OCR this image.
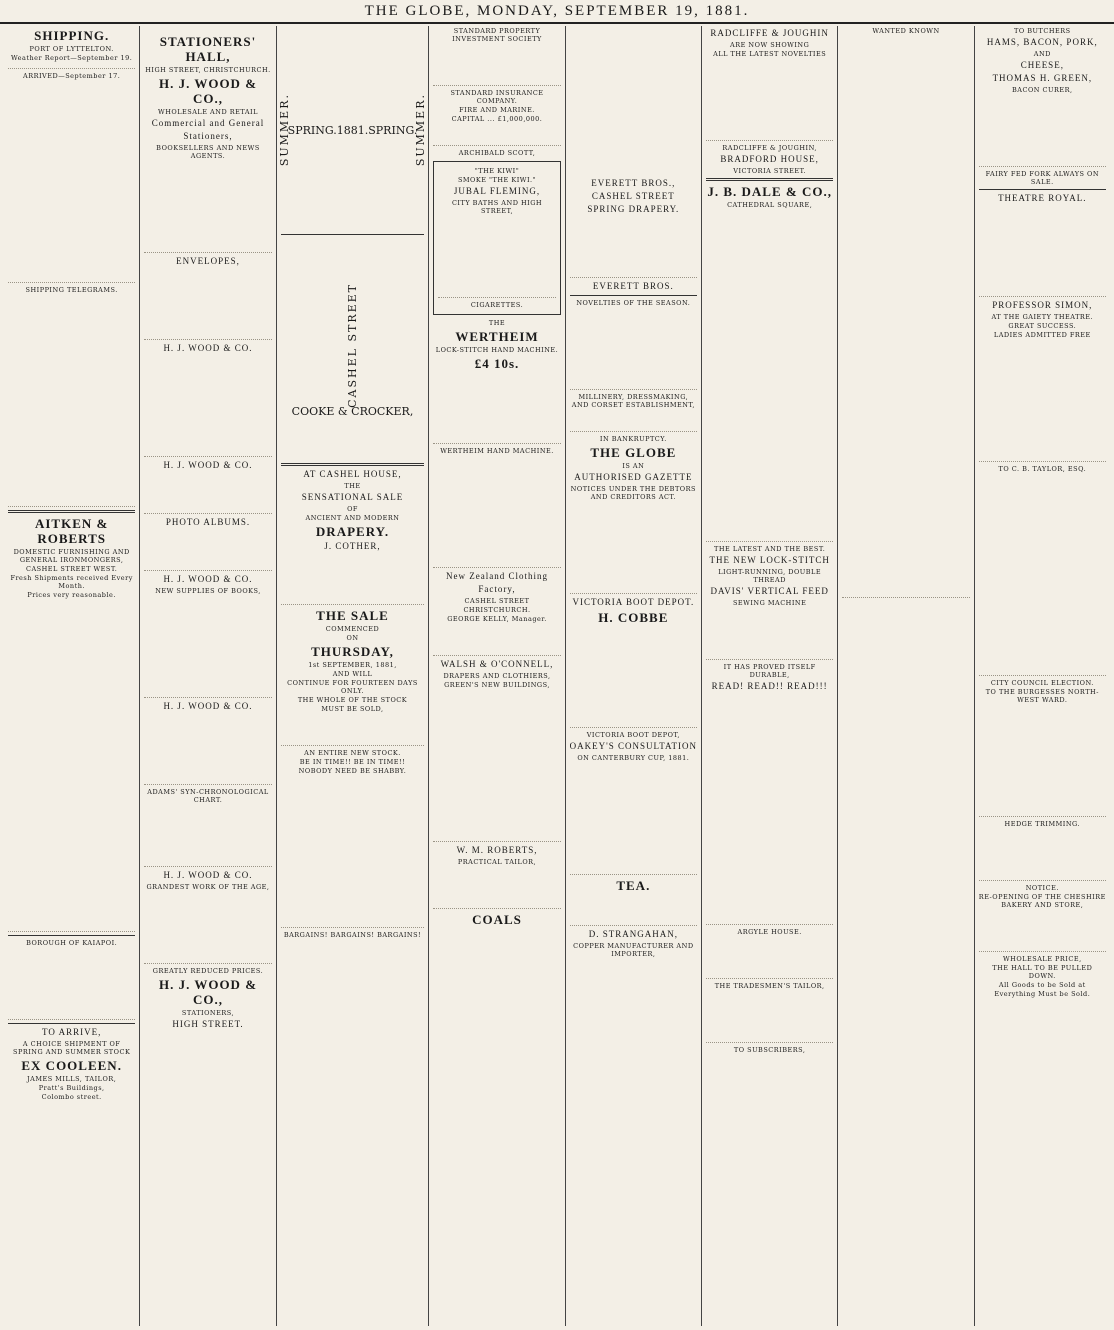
THE GLOBE, MONDAY, SEPTEMBER 19, 1881.
SHIPPING.
PORT OF LYTTELTON.
Weather Report—September 19.
ARRIVED—September 17.
SHIPPING TELEGRAMS.
AITKEN & ROBERTS
DOMESTIC FURNISHING AND GENERAL IRONMONGERS,
CASHEL STREET WEST.
Fresh Shipments received Every Month.
Prices very reasonable.
BOROUGH OF KAIAPOI.
TO ARRIVE,
A CHOICE SHIPMENT OF SPRING AND SUMMER STOCK
EX COOLEEN.
JAMES MILLS, TAILOR,
Pratt's Buildings,
Colombo street.
STATIONERS' HALL,
HIGH STREET, CHRISTCHURCH.
H. J. WOOD & CO.,
WHOLESALE AND RETAIL
Commercial and General
Stationers,
BOOKSELLERS AND NEWS AGENTS.
ENVELOPES,
H. J. WOOD & CO.
H. J. WOOD & CO.
PHOTO ALBUMS.
H. J. WOOD & CO.
NEW SUPPLIES OF BOOKS,
H. J. WOOD & CO.
ADAMS' SYN-CHRONOLOGICAL CHART.
H. J. WOOD & CO.
GRANDEST WORK OF THE AGE,
GREATLY REDUCED PRICES.
H. J. WOOD & CO.,
STATIONERS,
HIGH STREET.
SUMMER.
SPRING. 1881. SPRING.
SUMMER.
CASHEL STREET
COOKE & CROCKER,
AT CASHEL HOUSE,
THE
SENSATIONAL SALE
OF
ANCIENT AND MODERN
DRAPERY.
J. COTHER,
THE SALE
COMMENCED
ON
THURSDAY,
1st SEPTEMBER, 1881,
AND WILL
CONTINUE FOR FOURTEEN DAYS ONLY.
THE WHOLE OF THE STOCK
MUST BE SOLD,
AN ENTIRE NEW STOCK.
BE IN TIME!! BE IN TIME!!
NOBODY NEED BE SHABBY.
BARGAINS! BARGAINS! BARGAINS!
STANDARD PROPERTY INVESTMENT SOCIETY
STANDARD INSURANCE COMPANY.
FIRE AND MARINE.
CAPITAL ... £1,000,000.
ARCHIBALD SCOTT,
"THE KIWI"
SMOKE "THE KIWI."
JUBAL FLEMING,
CITY BATHS AND HIGH STREET,
CIGARETTES.
THE
WERTHEIM
LOCK-STITCH HAND MACHINE.
£4 10s.
WERTHEIM HAND MACHINE.
New Zealand Clothing
Factory,
CASHEL STREET
CHRISTCHURCH.
GEORGE KELLY, Manager.
WALSH & O'CONNELL,
DRAPERS AND CLOTHIERS,
GREEN'S NEW BUILDINGS,
W. M. ROBERTS,
PRACTICAL TAILOR,
COALS
EVERETT BROS.,
CASHEL STREET
SPRING DRAPERY.
EVERETT BROS.
NOVELTIES OF THE SEASON.
MILLINERY, DRESSMAKING, AND CORSET ESTABLISHMENT,
IN BANKRUPTCY.
THE GLOBE
IS AN
AUTHORISED GAZETTE
NOTICES UNDER THE DEBTORS AND CREDITORS ACT.
VICTORIA BOOT DEPOT.
H. COBBE
VICTORIA BOOT DEPOT,
OAKEY'S CONSULTATION
ON CANTERBURY CUP, 1881.
TEA.
D. STRANGAHAN,
COPPER MANUFACTURER AND IMPORTER,
RADCLIFFE & JOUGHIN
ARE NOW SHOWING
ALL THE LATEST NOVELTIES
RADCLIFFE & JOUGHIN,
BRADFORD HOUSE,
VICTORIA STREET.
J. B. DALE & CO.,
CATHEDRAL SQUARE,
THE LATEST AND THE BEST.
THE NEW LOCK-STITCH
LIGHT-RUNNING, DOUBLE THREAD
DAVIS' VERTICAL FEED
SEWING MACHINE
IT HAS PROVED ITSELF DURABLE,
READ! READ!! READ!!!
ARGYLE HOUSE.
THE TRADESMEN'S TAILOR,
TO SUBSCRIBERS,
WANTED KNOWN	TO BUTCHERS
HAMS, BACON, PORK,
AND
CHEESE,
THOMAS H. GREEN,
BACON CURER,
FAIRY FED FORK ALWAYS ON SALE.
THEATRE ROYAL.
PROFESSOR SIMON,
AT THE GAIETY THEATRE.
GREAT SUCCESS.
LADIES ADMITTED FREE
TO C. B. TAYLOR, ESQ.
CITY COUNCIL ELECTION.
TO THE BURGESSES NORTH-WEST WARD.
HEDGE TRIMMING.
NOTICE.
RE-OPENING OF THE CHESHIRE BAKERY AND STORE,
WHOLESALE PRICE,
THE HALL TO BE PULLED DOWN.
All Goods to be Sold at
Everything Must be Sold.
